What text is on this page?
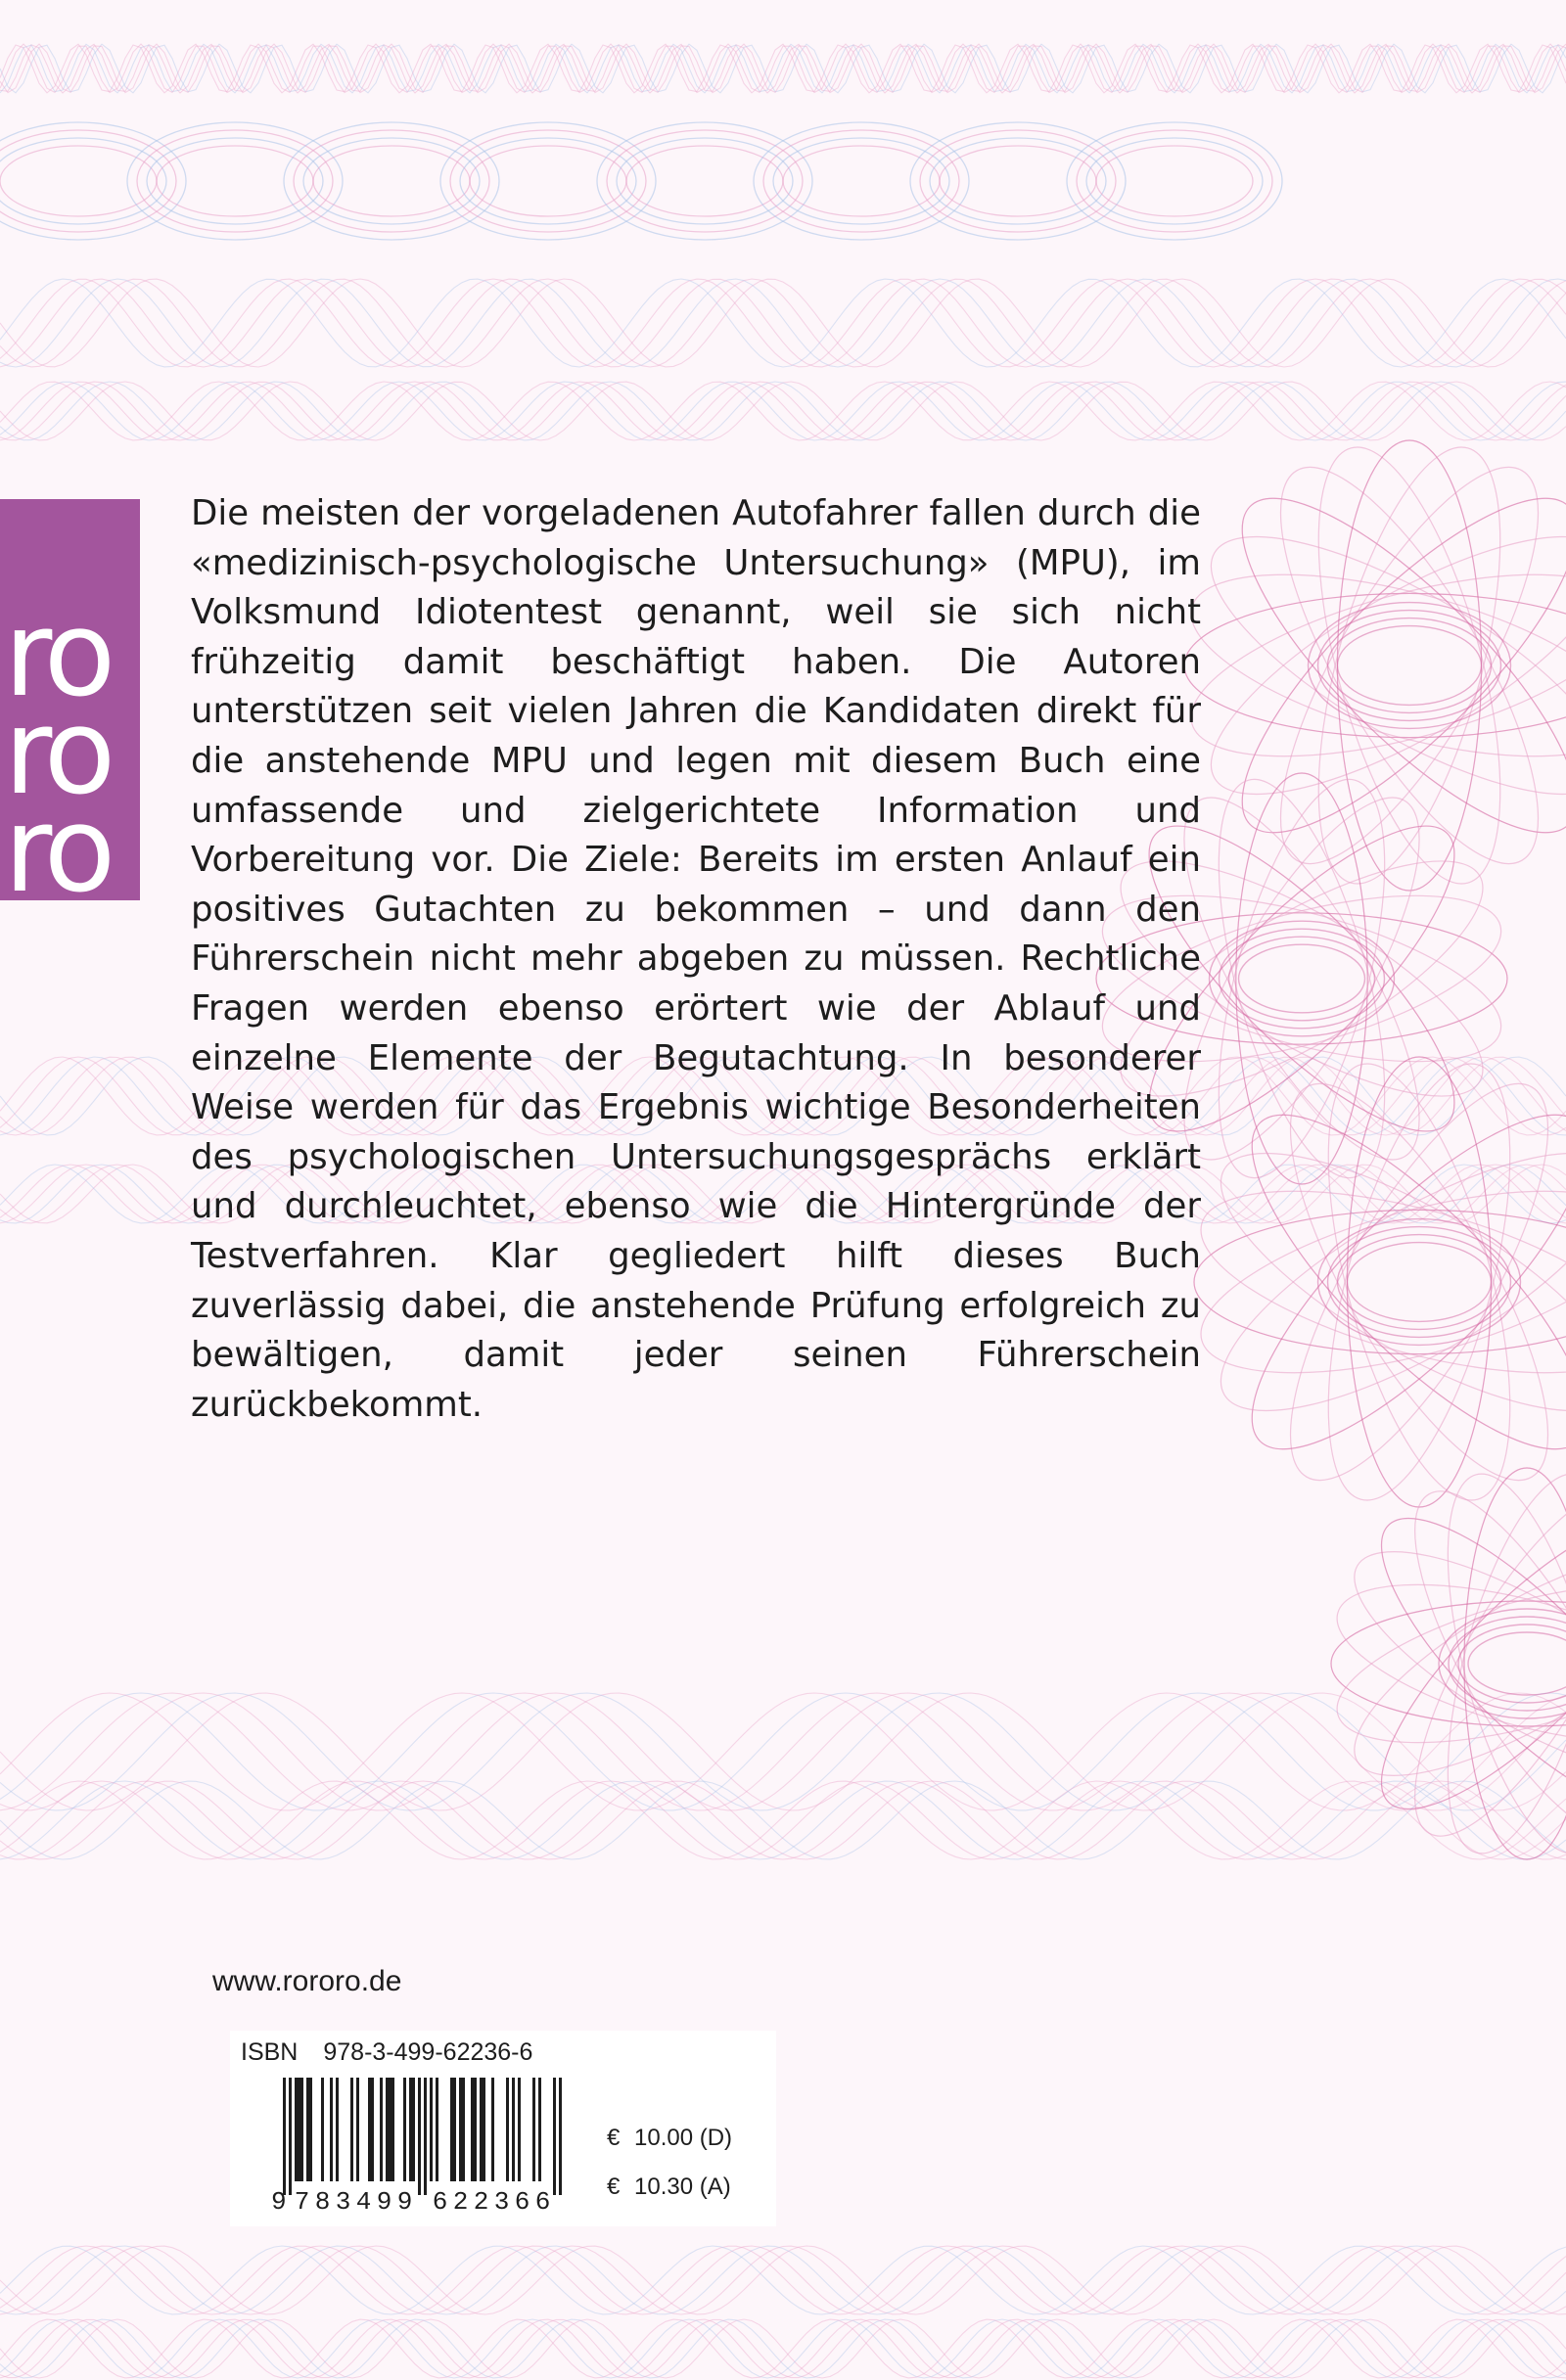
ro
ro
ro

Die meisten der vorgeladenen Autofahrer fallen durch die «medizinisch-psychologische Untersuchung» (MPU), im Volksmund Idiotentest genannt, weil sie sich nicht frühzeitig damit beschäftigt haben. Die Autoren unterstützen seit vielen Jahren die Kandidaten direkt für die anstehende MPU und legen mit diesem Buch eine umfassende und zielgerichtete Information und Vorbereitung vor. Die Ziele: Bereits im ersten Anlauf ein positives Gutachten zu bekommen – und dann den Führerschein nicht mehr abgeben zu müssen. Rechtliche Fragen werden ebenso erörtert wie der Ablauf und einzelne Elemente der Begutachtung. In besonderer Weise werden für das Ergebnis wichtige Besonderheiten des psychologischen Untersuchungsgesprächs erklärt und durchleuchtet, ebenso wie die Hintergründe der Testverfahren. Klar gegliedert hilft dieses Buch zuverlässig dabei, die anstehende Prüfung erfolgreich zu bewältigen, damit jeder seinen Führerschein zurückbekommt.

www.rororo.de
ISBN 978-3-499-62236-6
9 7 8 3 4 9 9 6 2 2 3 6 6
€ 10.00 (D)
€ 10.30 (A)
